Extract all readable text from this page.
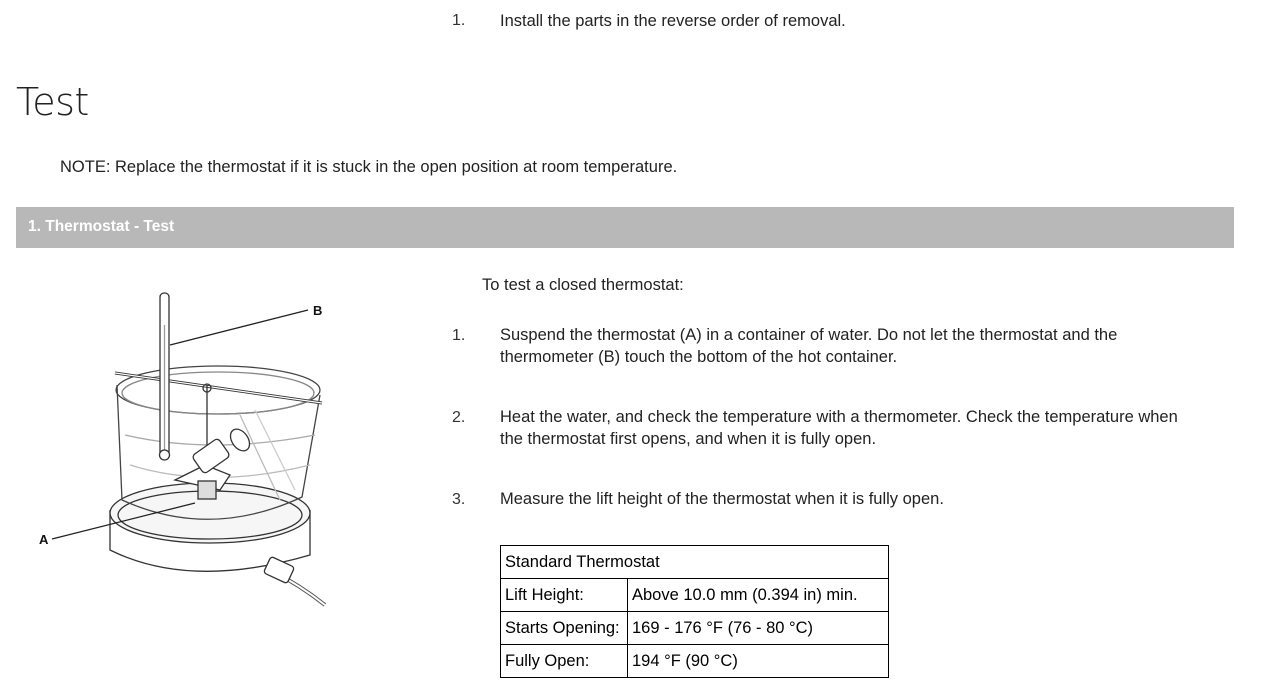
1. Install the parts in the reverse order of removal.
Test
NOTE: Replace the thermostat if it is stuck in the open position at room temperature.
1. Thermostat - Test
B
A
To test a closed thermostat:
1. Suspend the thermostat (A) in a container of water. Do not let the thermostat and the
thermometer (B) touch the bottom of the hot container.
2. Heat the water, and check the temperature with a thermometer. Check the temperature when
the thermostat first opens, and when it is fully open.
3. Measure the lift height of the thermostat when it is fully open.
Standard Thermostat	
Lift Height:	Above 10.0 mm (0.394 in) min.
Starts Opening:	169 - 176 °F (76 - 80 °C)
Fully Open:	194 °F (90 °C)
